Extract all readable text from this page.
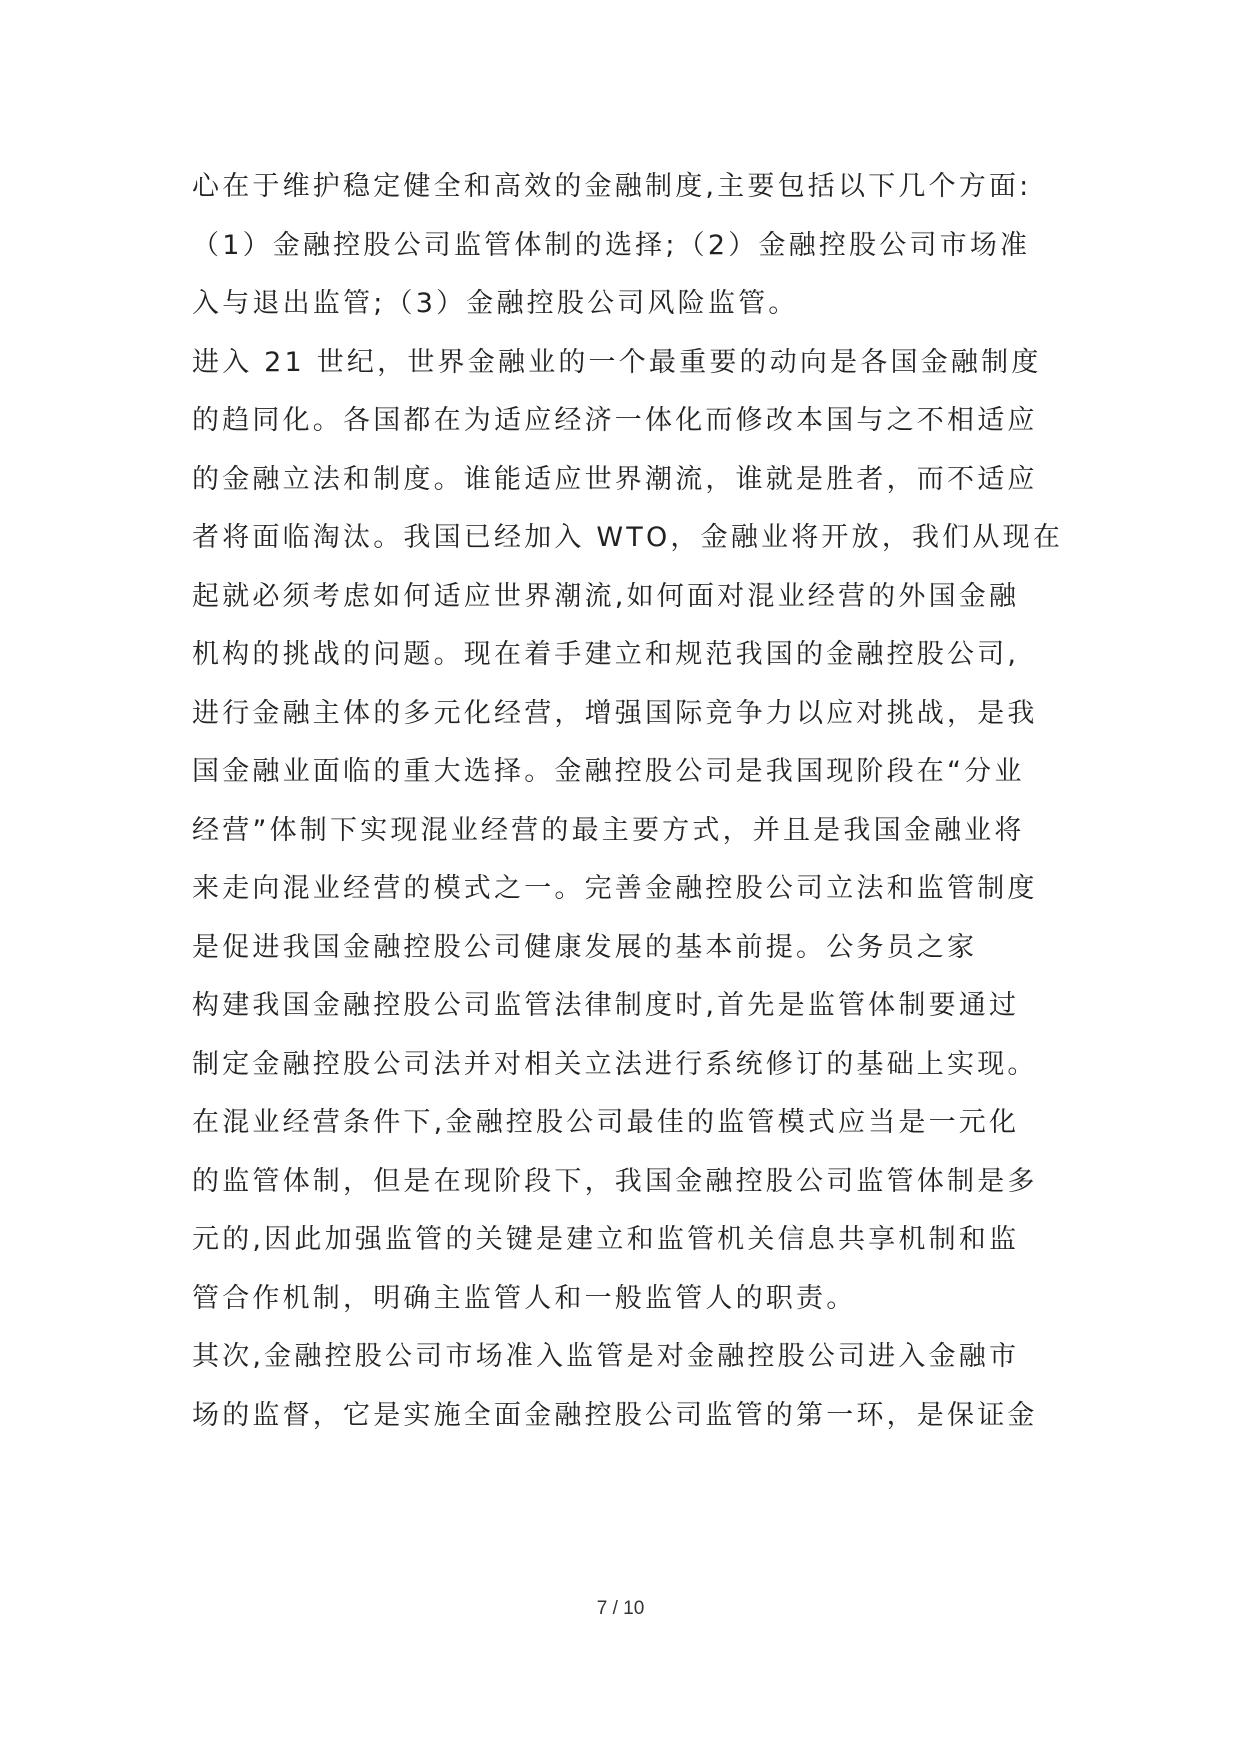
心在于维护稳定健全和高效的金融制度,主要包括以下几个方面:
（1）金融控股公司监管体制的选择;（2）金融控股公司市场准
入与退出监管;（3）金融控股公司风险监管。
进入 21 世纪，世界金融业的一个最重要的动向是各国金融制度
的趋同化。各国都在为适应经济一体化而修改本国与之不相适应
的金融立法和制度。谁能适应世界潮流，谁就是胜者，而不适应
者将面临淘汰。我国已经加入 WTO，金融业将开放，我们从现在
起就必须考虑如何适应世界潮流,如何面对混业经营的外国金融
机构的挑战的问题。现在着手建立和规范我国的金融控股公司,
进行金融主体的多元化经营，增强国际竞争力以应对挑战，是我
国金融业面临的重大选择。金融控股公司是我国现阶段在“分业
经营”体制下实现混业经营的最主要方式，并且是我国金融业将
来走向混业经营的模式之一。完善金融控股公司立法和监管制度
是促进我国金融控股公司健康发展的基本前提。公务员之家
构建我国金融控股公司监管法律制度时,首先是监管体制要通过
制定金融控股公司法并对相关立法进行系统修订的基础上实现。
在混业经营条件下,金融控股公司最佳的监管模式应当是一元化
的监管体制，但是在现阶段下，我国金融控股公司监管体制是多
元的,因此加强监管的关键是建立和监管机关信息共享机制和监
管合作机制，明确主监管人和一般监管人的职责。
其次,金融控股公司市场准入监管是对金融控股公司进入金融市
场的监督，它是实施全面金融控股公司监管的第一环，是保证金
7 / 10
